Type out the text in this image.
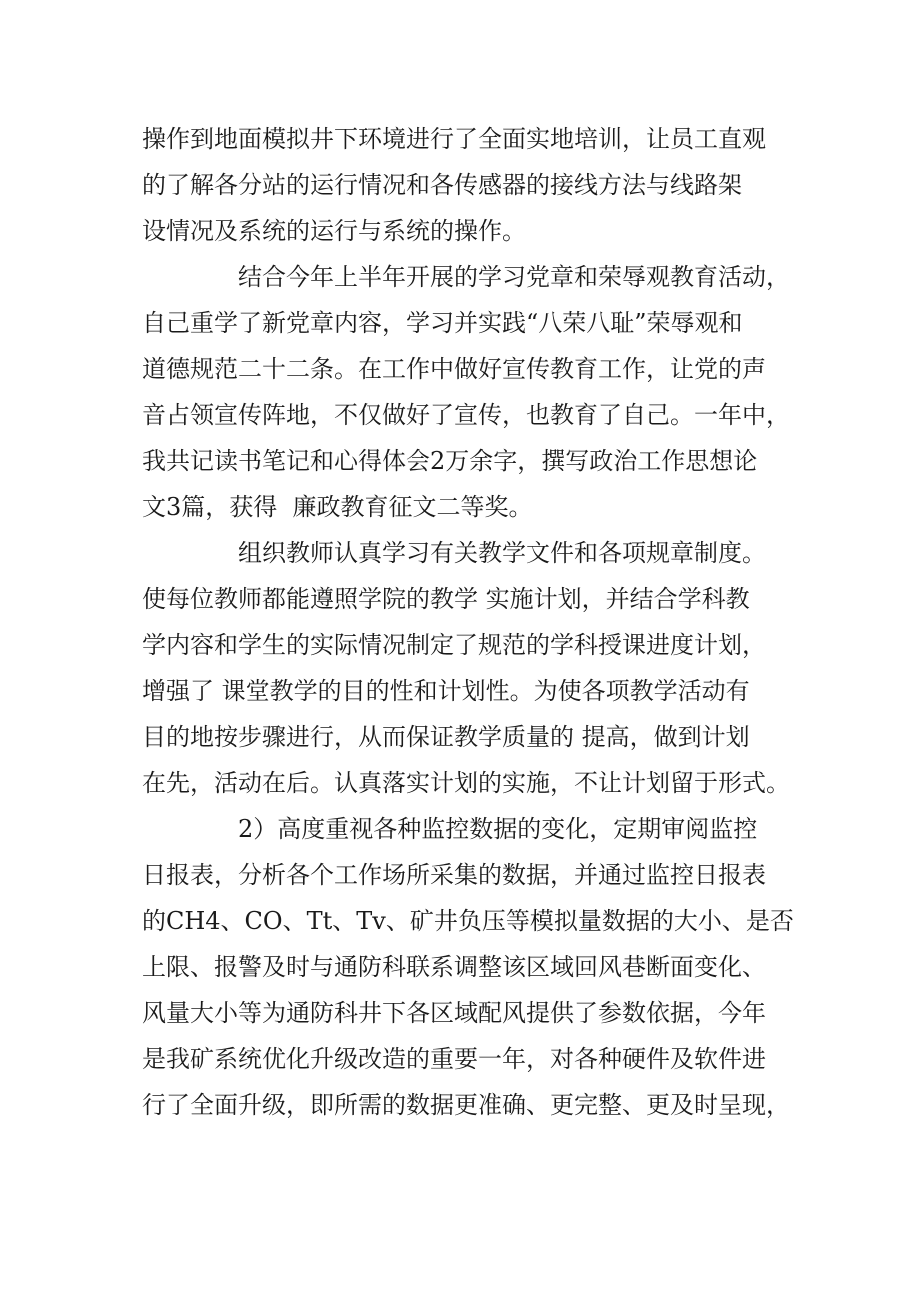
操作到地面模拟井下环境进行了全面实地培训，让员工直观

的了解各分站的运行情况和各传感器的接线方法与线路架

设情况及系统的运行与系统的操作。

结合今年上半年开展的学习党章和荣辱观教育活动，

自己重学了新党章内容，学习并实践“八荣八耻”荣辱观和

道德规范二十二条。在工作中做好宣传教育工作，让党的声

音占领宣传阵地，不仅做好了宣传，也教育了自己。一年中，

我共记读书笔记和心得体会2万余字，撰写政治工作思想论

文3篇，获得  廉政教育征文二等奖。

组织教师认真学习有关教学文件和各项规章制度。

使每位教师都能遵照学院的教学 实施计划，并结合学科教

学内容和学生的实际情况制定了规范的学科授课进度计划，

增强了 课堂教学的目的性和计划性。为使各项教学活动有

目的地按步骤进行，从而保证教学质量的 提高，做到计划

在先，活动在后。认真落实计划的实施，不让计划留于形式。

2）高度重视各种监控数据的变化，定期审阅监控

日报表，分析各个工作场所采集的数据，并通过监控日报表

的CH4、CO、Tt、Tv、矿井负压等模拟量数据的大小、是否

上限、报警及时与通防科联系调整该区域回风巷断面变化、

风量大小等为通防科井下各区域配风提供了参数依据，今年

是我矿系统优化升级改造的重要一年，对各种硬件及软件进

行了全面升级，即所需的数据更准确、更完整、更及时呈现，
